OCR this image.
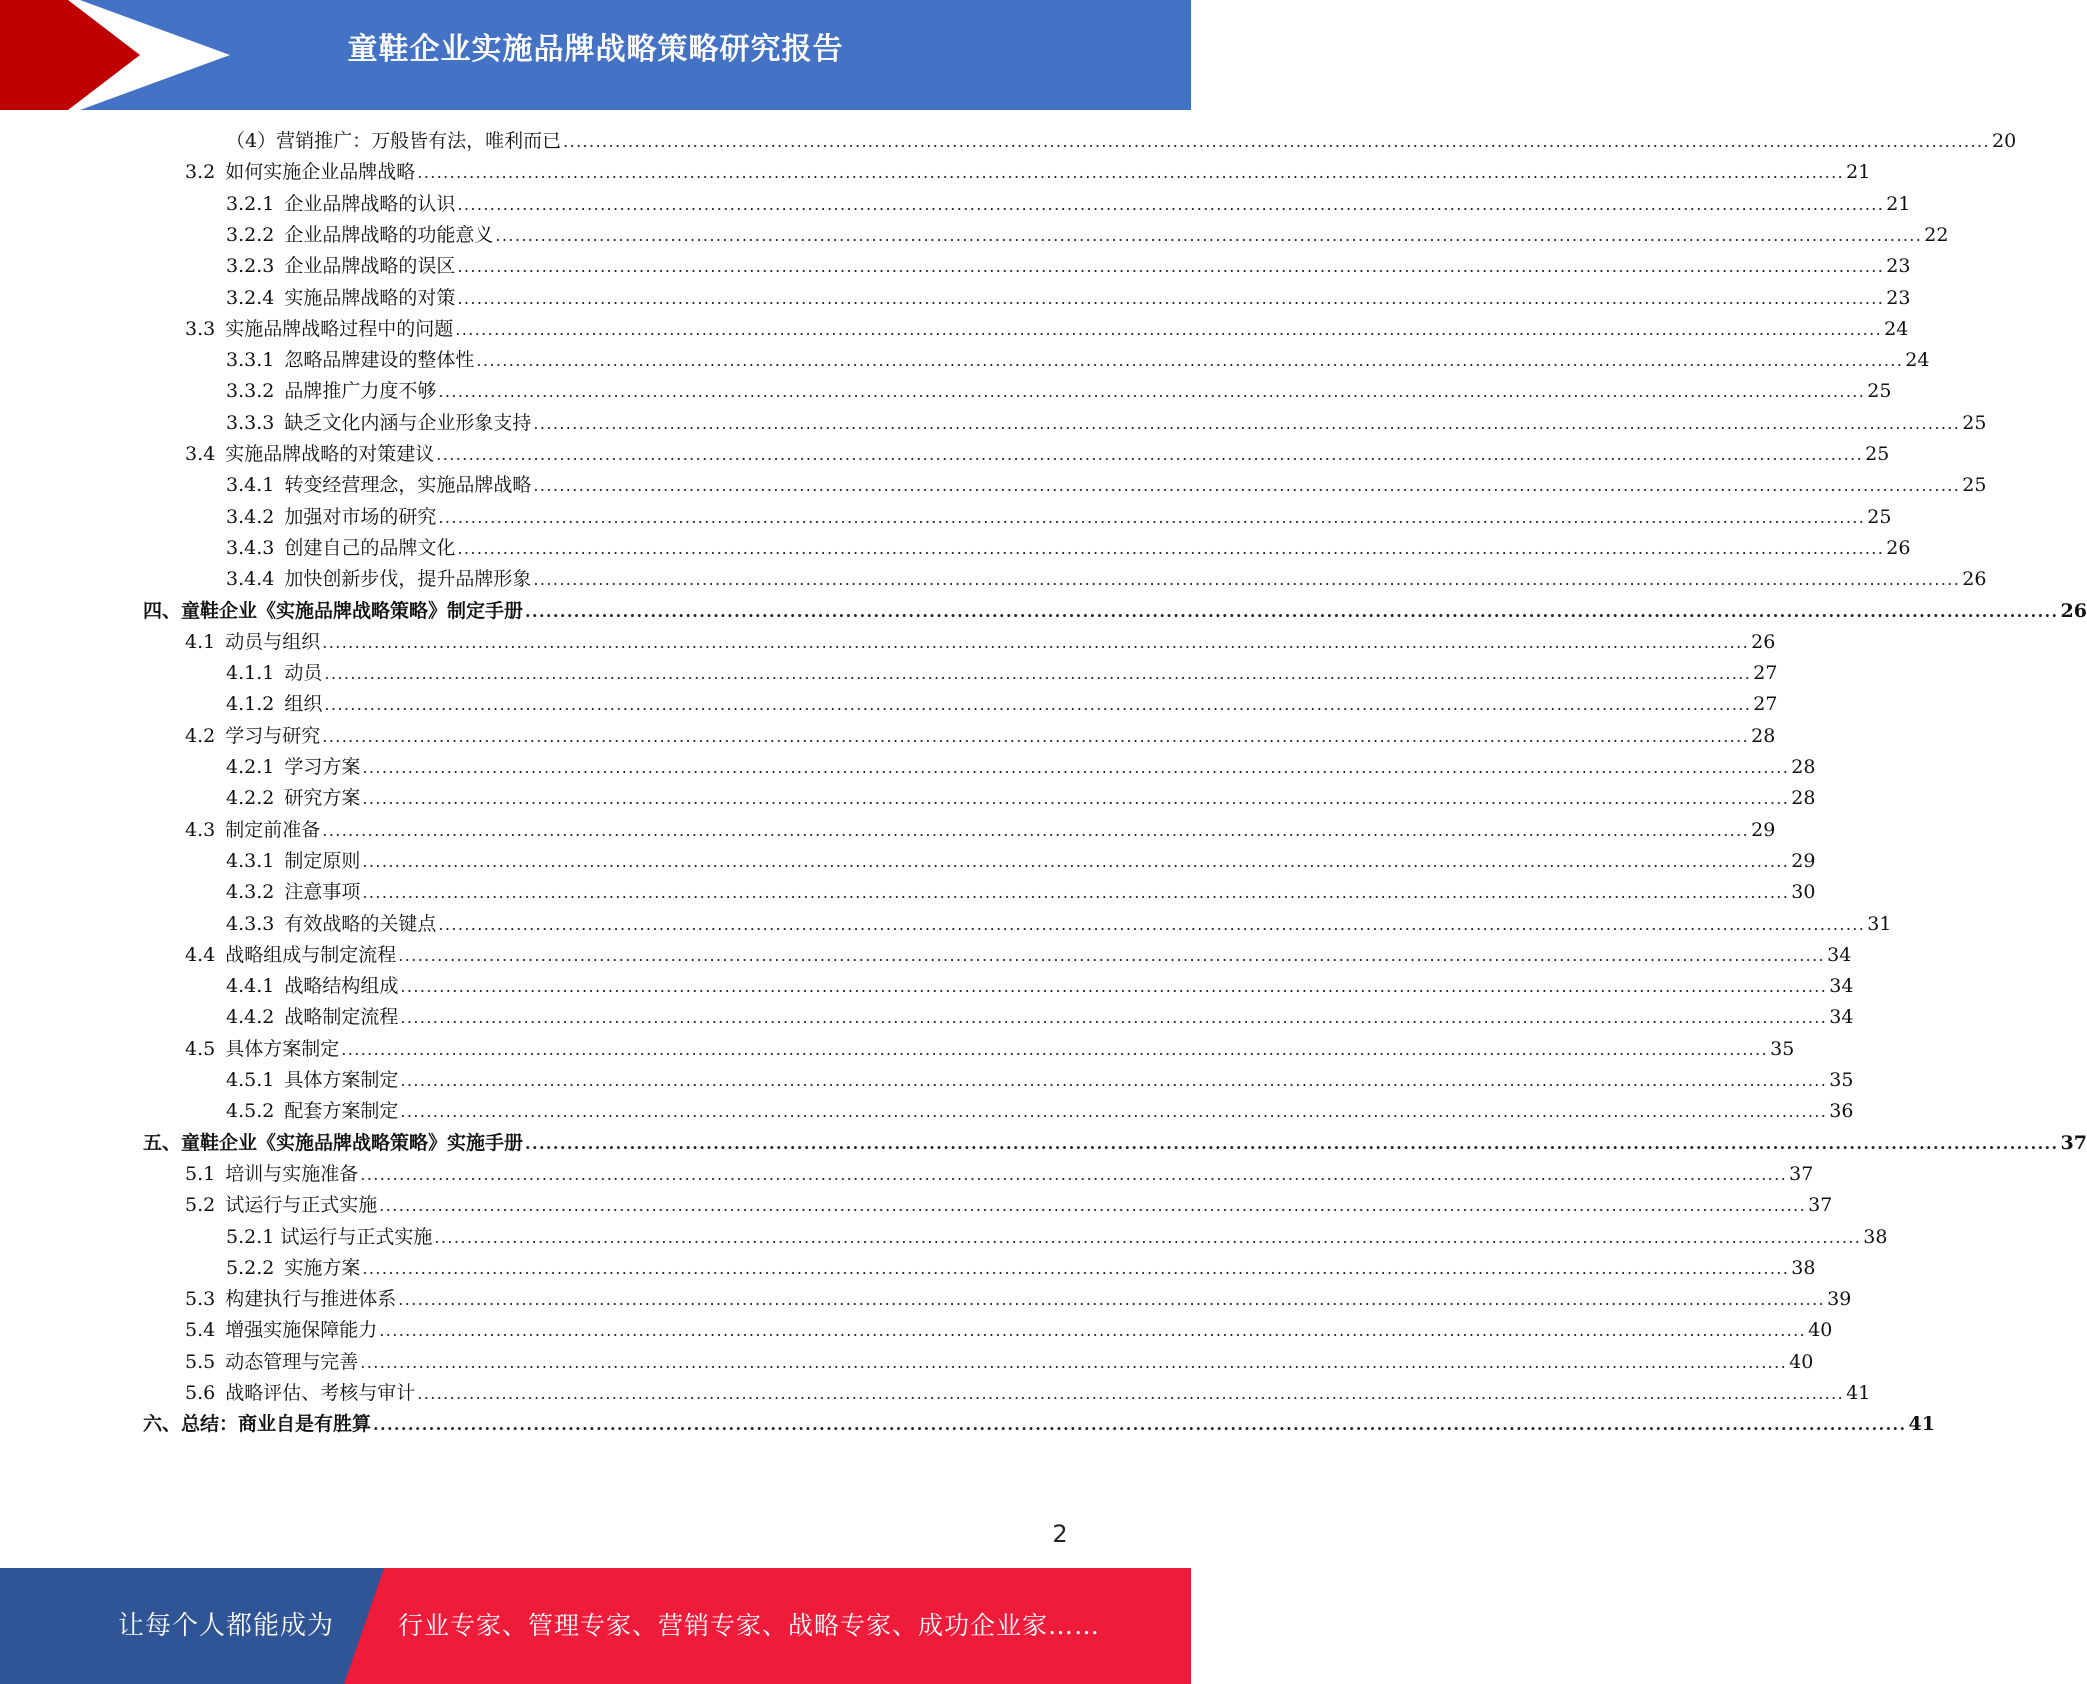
童鞋企业实施品牌战略策略研究报告
（4）营销推广：万般皆有法，唯利而已 ............................................................................................................................................................................................................................ 20
3.2 如何实施企业品牌战略 ............................................................................................................................................................................................................................ 21
3.2.1 企业品牌战略的认识 ............................................................................................................................................................................................................................ 21
3.2.2 企业品牌战略的功能意义 ............................................................................................................................................................................................................................ 22
3.2.3 企业品牌战略的误区 ............................................................................................................................................................................................................................ 23
3.2.4 实施品牌战略的对策 ............................................................................................................................................................................................................................ 23
3.3 实施品牌战略过程中的问题 ............................................................................................................................................................................................................................ 24
3.3.1 忽略品牌建设的整体性 ............................................................................................................................................................................................................................ 24
3.3.2 品牌推广力度不够 ............................................................................................................................................................................................................................ 25
3.3.3 缺乏文化内涵与企业形象支持 ............................................................................................................................................................................................................................ 25
3.4 实施品牌战略的对策建议 ............................................................................................................................................................................................................................ 25
3.4.1 转变经营理念，实施品牌战略 ............................................................................................................................................................................................................................ 25
3.4.2 加强对市场的研究 ............................................................................................................................................................................................................................ 25
3.4.3 创建自己的品牌文化 ............................................................................................................................................................................................................................ 26
3.4.4 加快创新步伐，提升品牌形象 ............................................................................................................................................................................................................................ 26
四、童鞋企业《实施品牌战略策略》制定手册 ............................................................................................................................................................................................................................ 26
4.1 动员与组织 ............................................................................................................................................................................................................................ 26
4.1.1 动员 ............................................................................................................................................................................................................................ 27
4.1.2 组织 ............................................................................................................................................................................................................................ 27
4.2 学习与研究 ............................................................................................................................................................................................................................ 28
4.2.1 学习方案 ............................................................................................................................................................................................................................ 28
4.2.2 研究方案 ............................................................................................................................................................................................................................ 28
4.3 制定前准备 ............................................................................................................................................................................................................................ 29
4.3.1 制定原则 ............................................................................................................................................................................................................................ 29
4.3.2 注意事项 ............................................................................................................................................................................................................................ 30
4.3.3 有效战略的关键点 ............................................................................................................................................................................................................................ 31
4.4 战略组成与制定流程 ............................................................................................................................................................................................................................ 34
4.4.1 战略结构组成 ............................................................................................................................................................................................................................ 34
4.4.2 战略制定流程 ............................................................................................................................................................................................................................ 34
4.5 具体方案制定 ............................................................................................................................................................................................................................ 35
4.5.1 具体方案制定 ............................................................................................................................................................................................................................ 35
4.5.2 配套方案制定 ............................................................................................................................................................................................................................ 36
五、童鞋企业《实施品牌战略策略》实施手册 ............................................................................................................................................................................................................................ 37
5.1 培训与实施准备 ............................................................................................................................................................................................................................ 37
5.2 试运行与正式实施 ............................................................................................................................................................................................................................ 37
5.2.1 试运行与正式实施 ............................................................................................................................................................................................................................ 38
5.2.2 实施方案 ............................................................................................................................................................................................................................ 38
5.3 构建执行与推进体系 ............................................................................................................................................................................................................................ 39
5.4 增强实施保障能力 ............................................................................................................................................................................................................................ 40
5.5 动态管理与完善 ............................................................................................................................................................................................................................ 40
5.6 战略评估、考核与审计 ............................................................................................................................................................................................................................ 41
六、总结：商业自是有胜算 ............................................................................................................................................................................................................................ 41
2
让每个人都能成为	行业专家、管理专家、营销专家、战略专家、成功企业家……
